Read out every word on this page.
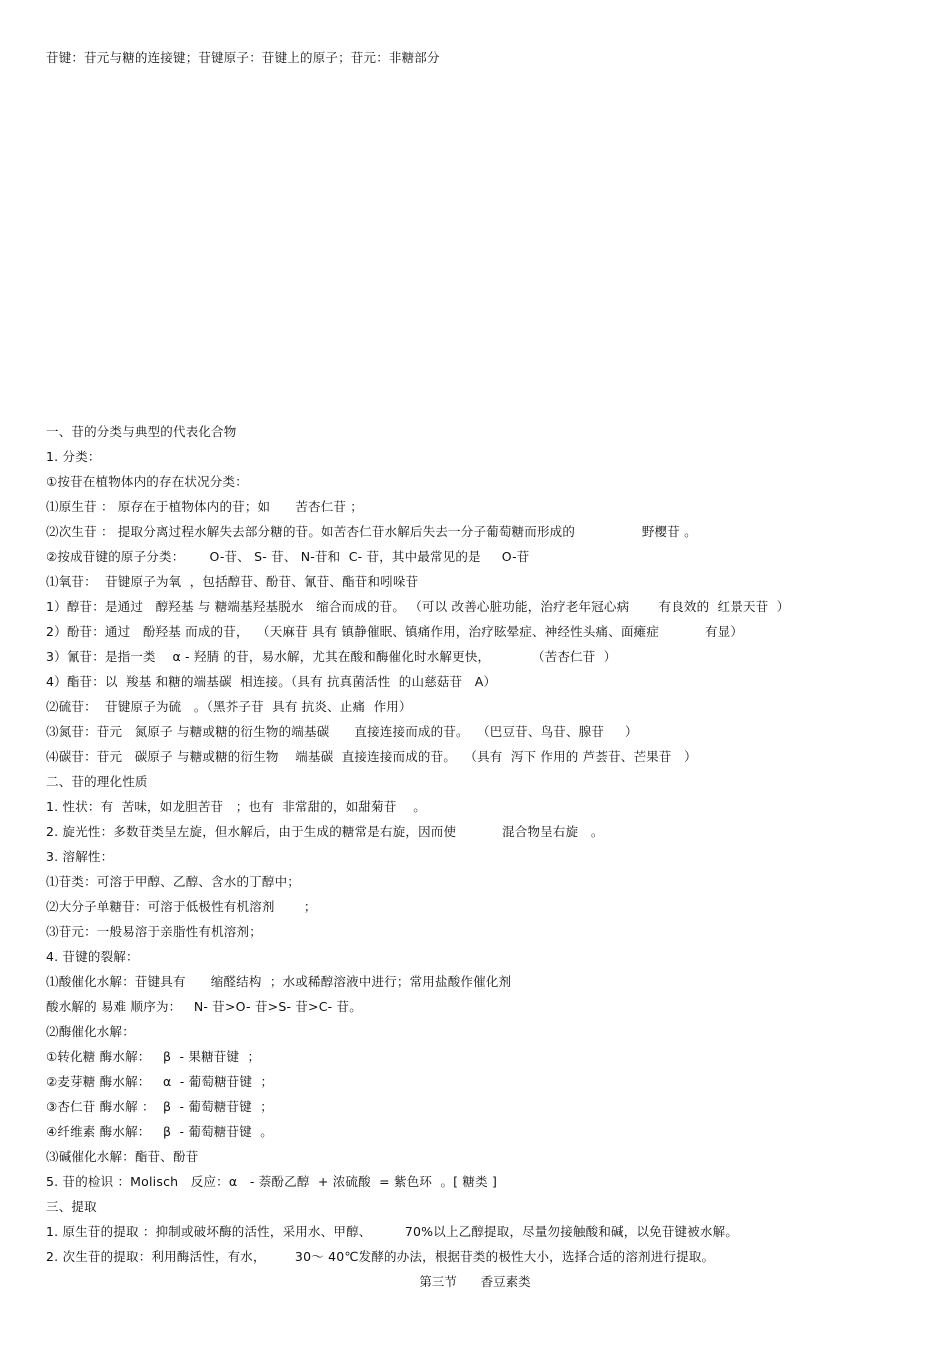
苷键：苷元与糖的连接键；苷键原子：苷键上的原子；苷元：非糖部分
一、苷的分类与典型的代表化合物
1. 分类：
①按苷在植物体内的存在状况分类：
⑴原生苷 ： 原存在于植物体内的苷；如      苦杏仁苷 ；
⑵次生苷 ： 提取分离过程水解失去部分糖的苷。如苦杏仁苷水解后失去一分子葡萄糖而形成的                野樱苷 。
②按成苷键的原子分类：      O-苷、 S- 苷、 N-苷和  C- 苷，其中最常见的是     O-苷
⑴氧苷：  苷键原子为氧  ，包括醇苷、酚苷、氰苷、酯苷和吲哚苷
1）醇苷：是通过   醇羟基 与 糖端基羟基脱水   缩合而成的苷。 （可以 改善心脏功能，治疗老年冠心病       有良效的  红景天苷  ）
2）酚苷：通过   酚羟基 而成的苷，  （天麻苷 具有 镇静催眠、镇痛作用，治疗眩晕症、神经性头痛、面瘫症           有显）
3）氰苷：是指一类    α - 羟腈 的苷，易水解，尤其在酸和酶催化时水解更快，          （苦杏仁苷  ）
4）酯苷：以  羧基 和糖的端基碳  相连接。（具有 抗真菌活性  的山慈菇苷   A）
⑵硫苷：  苷键原子为硫   。（黑芥子苷  具有 抗炎、止痛  作用）
⑶氮苷：苷元   氮原子 与糖或糖的衍生物的端基碳      直接连接而成的苷。  （巴豆苷、鸟苷、腺苷     ）
⑷碳苷：苷元   碳原子 与糖或糖的衍生物    端基碳  直接连接而成的苷。  （具有  泻下 作用的 芦荟苷、芒果苷   ）
二、苷的理化性质
1. 性状：有  苦味，如龙胆苦苷   ；也有  非常甜的，如甜菊苷    。
2. 旋光性：多数苷类呈左旋，但水解后，由于生成的糖常是右旋，因而使           混合物呈右旋   。
3. 溶解性：
⑴苷类：可溶于甲醇、乙醇、含水的丁醇中；
⑵大分子单糖苷：可溶于低极性有机溶剂       ；
⑶苷元：一般易溶于亲脂性有机溶剂；
4. 苷键的裂解：
⑴酸催化水解：苷键具有      缩醛结构  ；水或稀醇溶液中进行；常用盐酸作催化剂
酸水解的 易难 顺序为：   N- 苷>O- 苷>S- 苷>C- 苷。
⑵酶催化水解：
①转化糖 酶水解：   β  - 果糖苷键  ；
②麦芽糖 酶水解：   α  - 葡萄糖苷键  ；
③杏仁苷 酶水解 ：  β  - 葡萄糖苷键  ；
④纤维素 酶水解：   β  - 葡萄糖苷键  。
⑶碱催化水解：酯苷、酚苷
5. 苷的检识 ：Molisch   反应：α   - 萘酚乙醇  + 浓硫酸  = 紫色环  。[ 糖类 ]
三、提取
1. 原生苷的提取 ：抑制或破坏酶的活性，采用水、甲醇、        70%以上乙醇提取，尽量勿接触酸和碱，以免苷键被水解。
2. 次生苷的提取：利用酶活性，有水，       30～ 40℃发酵的办法，根据苷类的极性大小，选择合适的溶剂进行提取。
第三节      香豆素类
